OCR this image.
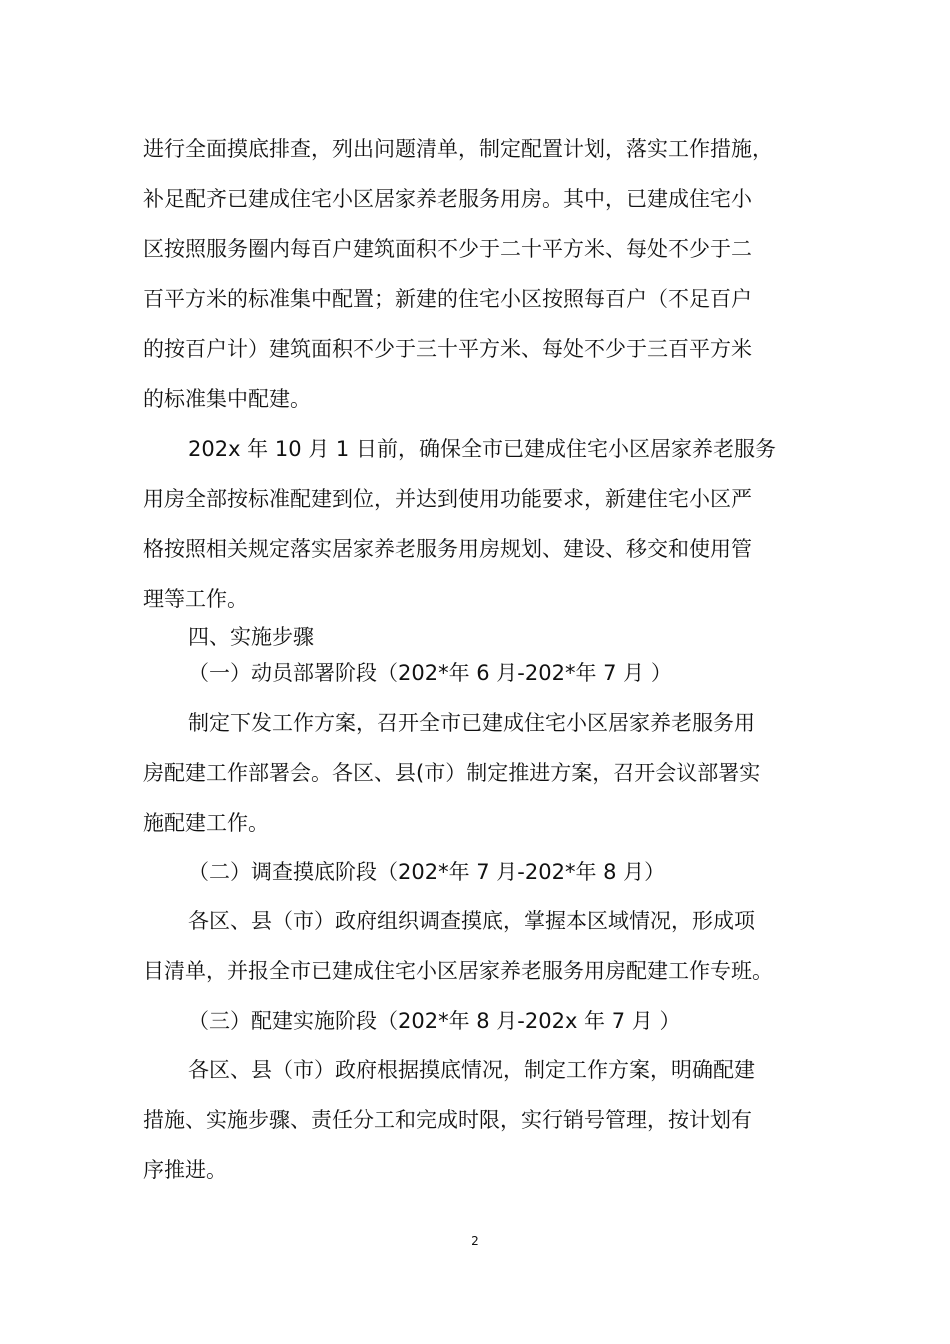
进行全面摸底排查，列出问题清单，制定配置计划，落实工作措施，

补足配齐已建成住宅小区居家养老服务用房。其中，已建成住宅小

区按照服务圈内每百户建筑面积不少于二十平方米、每处不少于二

百平方米的标准集中配置；新建的住宅小区按照每百户（不足百户

的按百户计）建筑面积不少于三十平方米、每处不少于三百平方米

的标准集中配建。

202x 年 10 月 1 日前，确保全市已建成住宅小区居家养老服务

用房全部按标准配建到位，并达到使用功能要求，新建住宅小区严

格按照相关规定落实居家养老服务用房规划、建设、移交和使用管

理等工作。

四、实施步骤

（一）动员部署阶段（202*年 6 月-202*年 7 月 ）

制定下发工作方案，召开全市已建成住宅小区居家养老服务用

房配建工作部署会。各区、县(市）制定推进方案，召开会议部署实

施配建工作。

（二）调查摸底阶段（202*年 7 月-202*年 8 月）

各区、县（市）政府组织调查摸底，掌握本区域情况，形成项

目清单，并报全市已建成住宅小区居家养老服务用房配建工作专班。

（三）配建实施阶段（202*年 8 月-202x 年 7 月 ）

各区、县（市）政府根据摸底情况，制定工作方案，明确配建

措施、实施步骤、责任分工和完成时限，实行销号管理，按计划有

序推进。

2
